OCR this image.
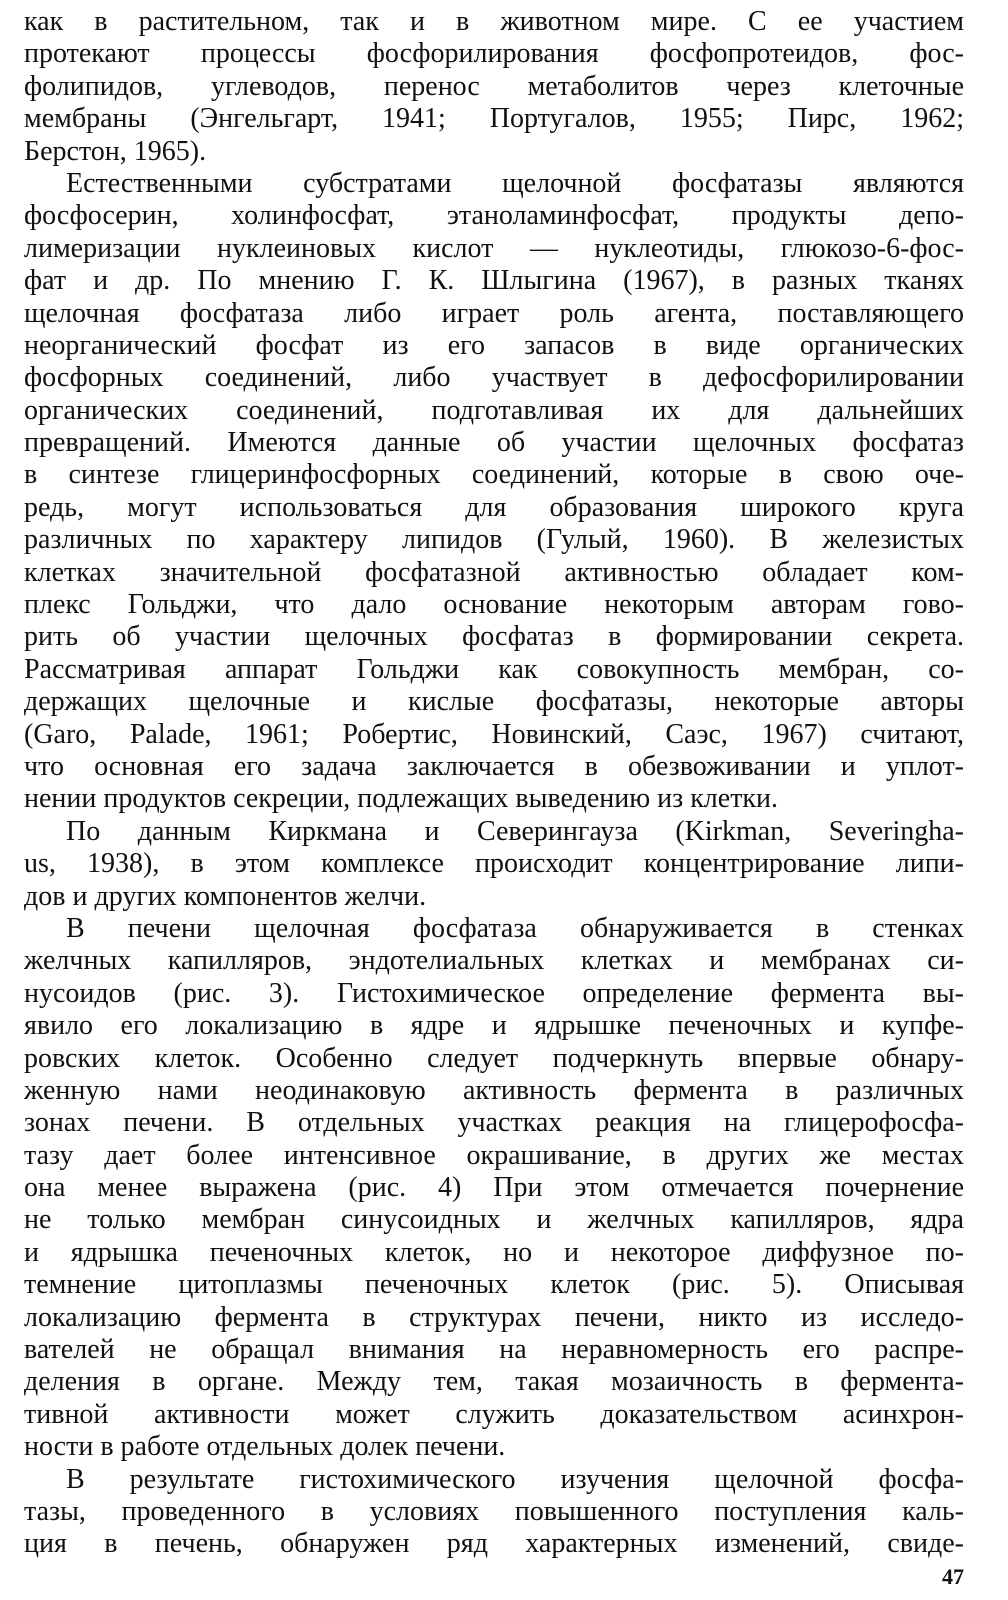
как в растительном, так и в животном мире. С ее участием
протекают процессы фосфорилирования фосфопротеидов, фос-
фолипидов, углеводов, перенос метаболитов через клеточные
мембраны (Энгельгарт, 1941; Португалов, 1955; Пирс, 1962;
Берстон, 1965).
Естественными субстратами щелочной фосфатазы являются
фосфосерин, холинфосфат, этаноламинфосфат, продукты депо-
лимеризации нуклеиновых кислот — нуклеотиды, глюкозо-6-фос-
фат и др. По мнению Г. К. Шлыгина (1967), в разных тканях
щелочная фосфатаза либо играет роль агента, поставляющего
неорганический фосфат из его запасов в виде органических
фосфорных соединений, либо участвует в дефосфорилировании
органических соединений, подготавливая их для дальнейших
превращений. Имеются данные об участии щелочных фосфатаз
в синтезе глицеринфосфорных соединений, которые в свою оче-
редь, могут использоваться для образования широкого круга
различных по характеру липидов (Гулый, 1960). В железистых
клетках значительной фосфатазной активностью обладает ком-
плекс Гольджи, что дало основание некоторым авторам гово-
рить об участии щелочных фосфатаз в формировании секрета.
Рассматривая аппарат Гольджи как совокупность мембран, со-
держащих щелочные и кислые фосфатазы, некоторые авторы
(Garo, Palade, 1961; Робертис, Новинский, Саэс, 1967) считают,
что основная его задача заключается в обезвоживании и уплот-
нении продуктов секреции, подлежащих выведению из клетки.
По данным Киркмана и Северингауза (Kirkman, Severingha-
us, 1938), в этом комплексе происходит концентрирование липи-
дов и других компонентов желчи.
В печени щелочная фосфатаза обнаруживается в стенках
желчных капилляров, эндотелиальных клетках и мембранах си-
нусоидов (рис. 3). Гистохимическое определение фермента вы-
явило его локализацию в ядре и ядрышке печеночных и купфе-
ровских клеток. Особенно следует подчеркнуть впервые обнару-
женную нами неодинаковую активность фермента в различных
зонах печени. В отдельных участках реакция на глицерофосфа-
тазу дает более интенсивное окрашивание, в других же местах
она менее выражена (рис. 4) При этом отмечается почернение
не только мембран синусоидных и желчных капилляров, ядра
и ядрышка печеночных клеток, но и некоторое диффузное по-
темнение цитоплазмы печеночных клеток (рис. 5). Описывая
локализацию фермента в структурах печени, никто из исследо-
вателей не обращал внимания на неравномерность его распре-
деления в органе. Между тем, такая мозаичность в фермента-
тивной активности может служить доказательством асинхрон-
ности в работе отдельных долек печени.
В результате гистохимического изучения щелочной фосфа-
тазы, проведенного в условиях повышенного поступления каль-
ция в печень, обнаружен ряд характерных изменений, свиде-
47
